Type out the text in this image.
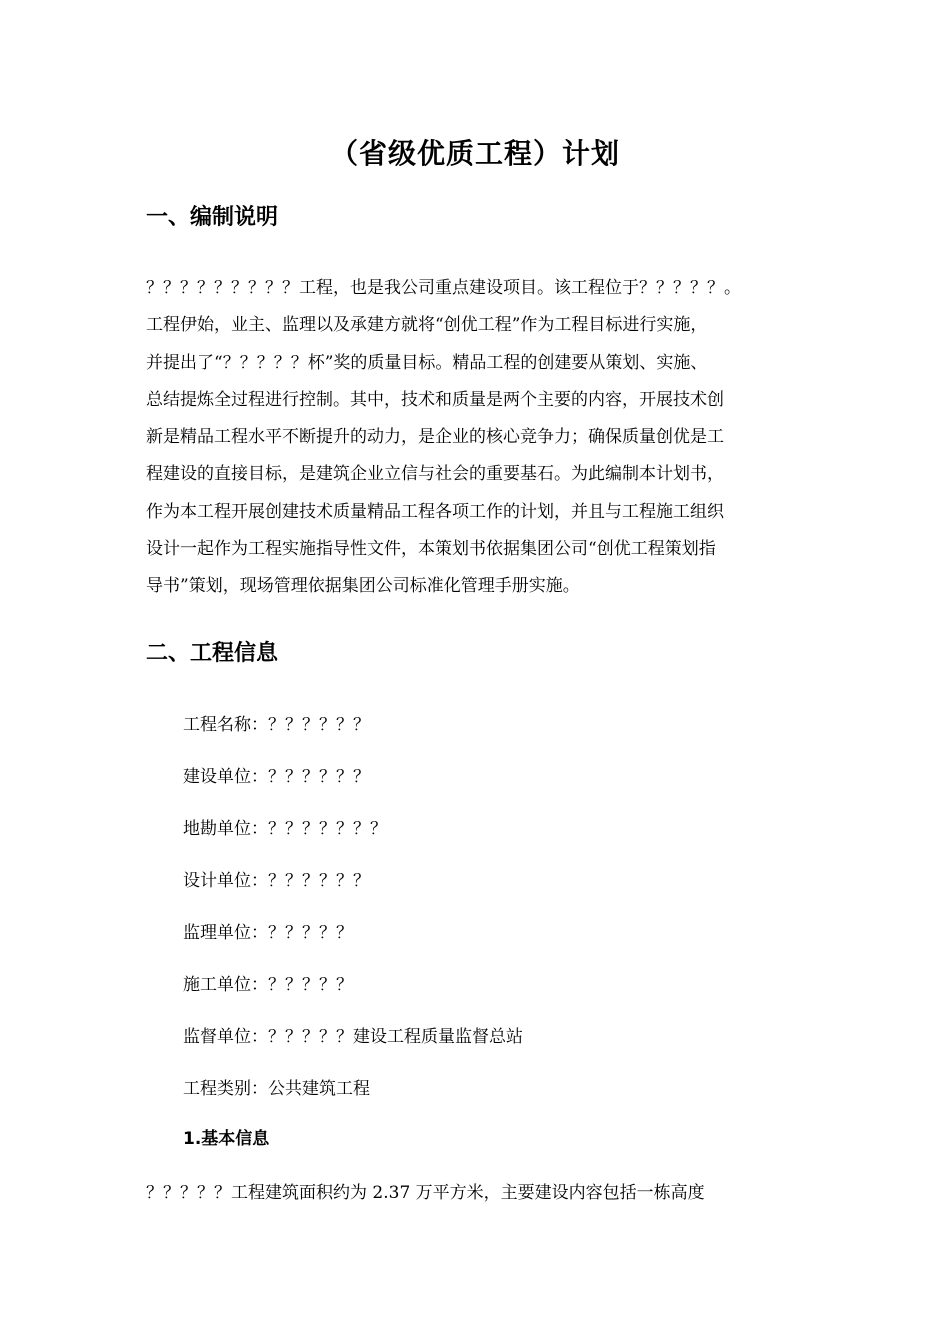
（省级优质工程）计划
一、编制说明

？？？？？？？？？工程，也是我公司重点建设项目。该工程位于？？？？？。
工程伊始，业主、监理以及承建方就将“创优工程”作为工程目标进行实施，
并提出了“？？？？？杯”奖的质量目标。精品工程的创建要从策划、实施、
总结提炼全过程进行控制。其中，技术和质量是两个主要的内容，开展技术创
新是精品工程水平不断提升的动力，是企业的核心竞争力；确保质量创优是工
程建设的直接目标，是建筑企业立信与社会的重要基石。为此编制本计划书，
作为本工程开展创建技术质量精品工程各项工作的计划，并且与工程施工组织
设计一起作为工程实施指导性文件，本策划书依据集团公司“创优工程策划指
导书”策划，现场管理依据集团公司标准化管理手册实施。

二、工程信息
工程名称：？？？？？？
建设单位：？？？？？？
地勘单位：？？？？？？？
设计单位：？？？？？？
监理单位：？？？？？
施工单位：？？？？？
监督单位：？？？？？建设工程质量监督总站
工程类别：公共建筑工程
1.基本信息

？？？？？工程建筑面积约为 2.37 万平方米，主要建设内容包括一栋高度
